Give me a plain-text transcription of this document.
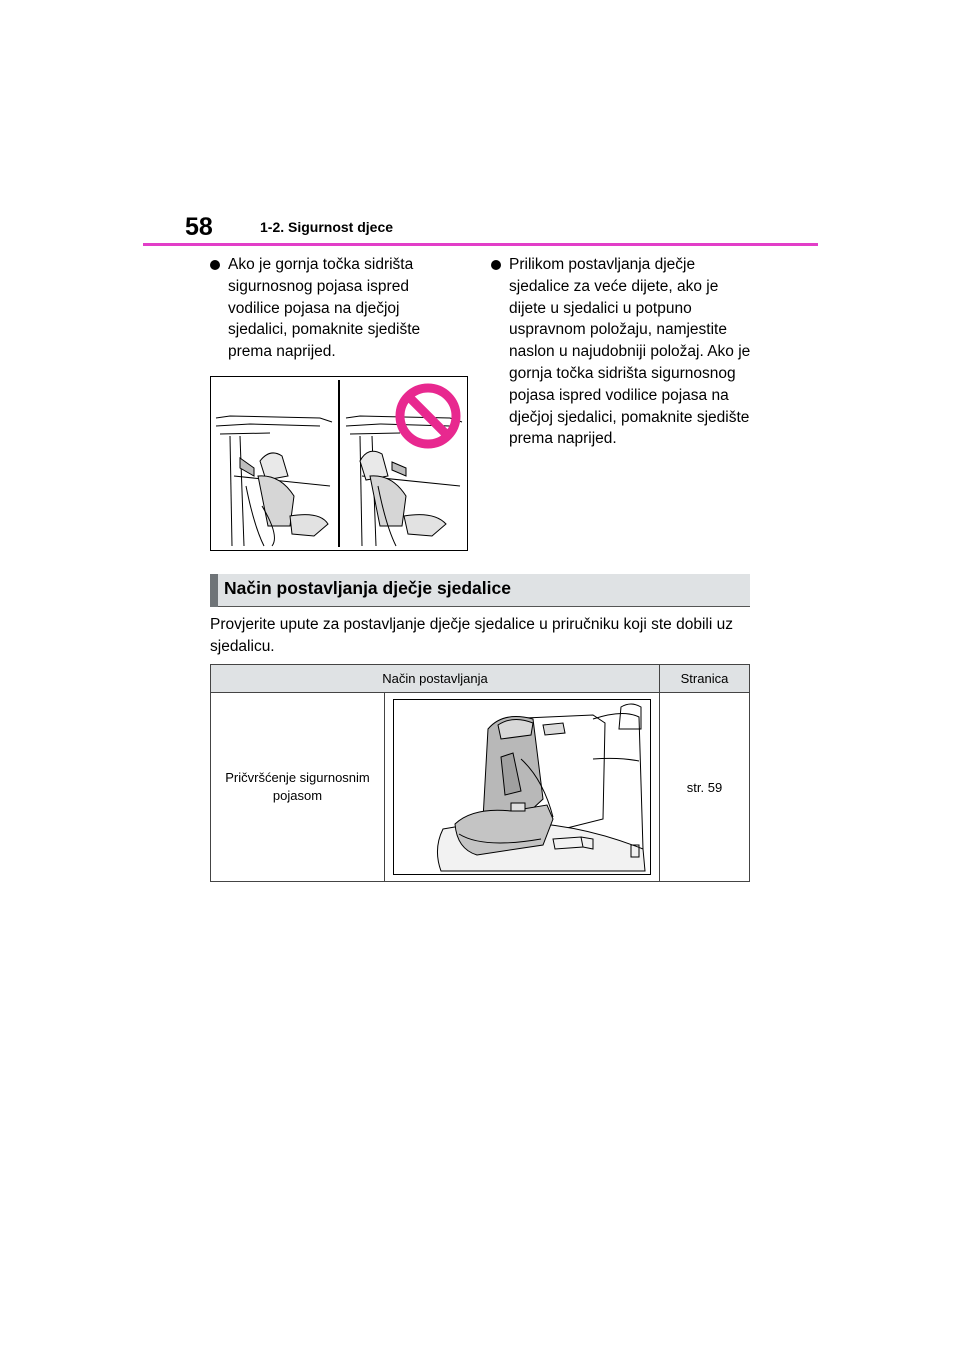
58	1-2. Sigurnost djece
Ako je gornja točka sidrišta sigurnosnog pojasa ispred vodilice pojasa na dječjoj sjedalici, pomaknite sjedište prema naprijed.
Prilikom postavljanja dječje sjedalice za veće dijete, ako je dijete u sjedalici u potpuno uspravnom položaju, namjestite naslon u najudobniji položaj. Ako je gornja točka sidrišta sigurnosnog pojasa ispred vodilice pojasa na dječjoj sjedalici, pomaknite sjedište prema naprijed.
Način postavljanja dječje sjedalice

Provjerite upute za postavljanje dječje sjedalice u priručniku koji ste dobili uz sjedalicu.

Način postavljanja		Stranica
Pričvršćenje sigurnosnim pojasom		str. 59
